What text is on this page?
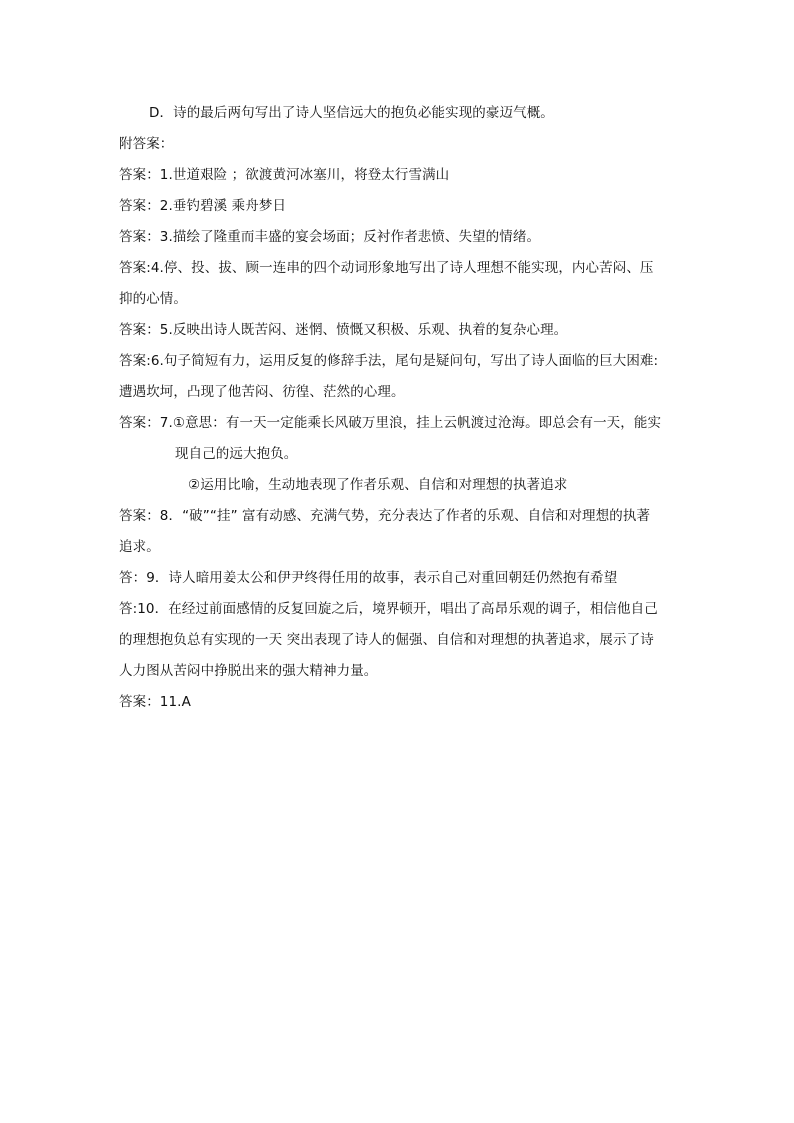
D．诗的最后两句写出了诗人坚信远大的抱负必能实现的豪迈气概。
附答案：
答案：1.世道艰险 ；欲渡黄河冰塞川，将登太行雪满山
答案：2.垂钓碧溪 乘舟梦日
答案：3.描绘了隆重而丰盛的宴会场面；反衬作者悲愤、失望的情绪。
答案:4.停、投、拔、顾一连串的四个动词形象地写出了诗人理想不能实现，内心苦闷、压
抑的心情。
答案：5.反映出诗人既苦闷、迷惘、愤慨又积极、乐观、执着的复杂心理。
答案:6.句子简短有力，运用反复的修辞手法，尾句是疑问句，写出了诗人面临的巨大困难:
遭遇坎坷，凸现了他苦闷、彷徨、茫然的心理。
答案：7.①意思：有一天一定能乘长风破万里浪，挂上云帆渡过沧海。即总会有一天，能实
现自己的远大抱负。
②运用比喻，生动地表现了作者乐观、自信和对理想的执著追求
答案：8．“破”“挂” 富有动感、充满气势，充分表达了作者的乐观、自信和对理想的执著
追求。
答：9．诗人暗用姜太公和伊尹终得任用的故事，表示自己对重回朝廷仍然抱有希望
答:10．在经过前面感情的反复回旋之后，境界顿开，唱出了高昂乐观的调子，相信他自己
的理想抱负总有实现的一天 突出表现了诗人的倔强、自信和对理想的执著追求，展示了诗
人力图从苦闷中挣脱出来的强大精神力量。
答案：11.A
